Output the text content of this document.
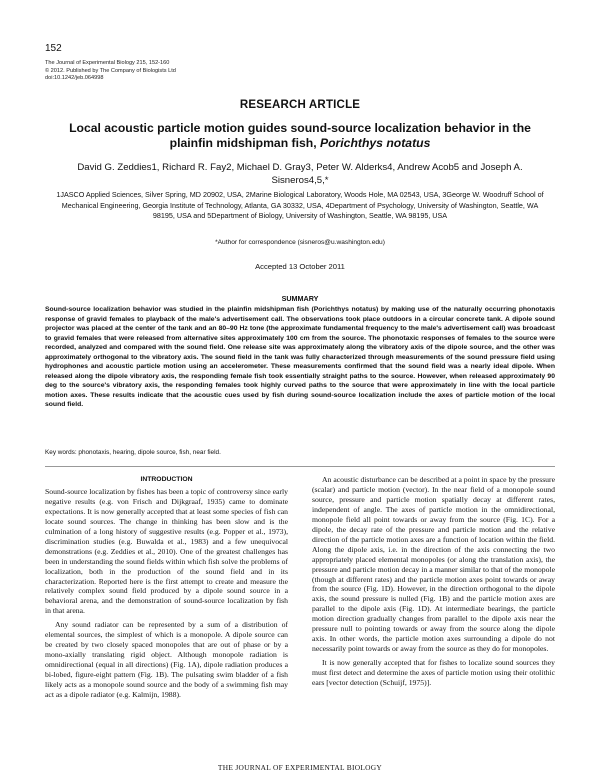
152
The Journal of Experimental Biology 215, 152-160
© 2012. Published by The Company of Biologists Ltd
doi:10.1242/jeb.064998
RESEARCH ARTICLE
Local acoustic particle motion guides sound-source localization behavior in the plainfin midshipman fish, Porichthys notatus
David G. Zeddies1, Richard R. Fay2, Michael D. Gray3, Peter W. Alderks4, Andrew Acob5 and Joseph A. Sisneros4,5,*
1JASCO Applied Sciences, Silver Spring, MD 20902, USA, 2Marine Biological Laboratory, Woods Hole, MA 02543, USA, 3George W. Woodruff School of Mechanical Engineering, Georgia Institute of Technology, Atlanta, GA 30332, USA, 4Department of Psychology, University of Washington, Seattle, WA 98195, USA and 5Department of Biology, University of Washington, Seattle, WA 98195, USA
*Author for correspondence (sisneros@u.washington.edu)
Accepted 13 October 2011
SUMMARY
Sound-source localization behavior was studied in the plainfin midshipman fish (Porichthys notatus) by making use of the naturally occurring phonotaxis response of gravid females to playback of the male's advertisement call. The observations took place outdoors in a circular concrete tank. A dipole sound projector was placed at the center of the tank and an 80–90 Hz tone (the approximate fundamental frequency to the male's advertisement call) was broadcast to gravid females that were released from alternative sites approximately 100 cm from the source. The phonotaxic responses of females to the source were recorded, analyzed and compared with the sound field. One release site was approximately along the vibratory axis of the dipole source, and the other was approximately orthogonal to the vibratory axis. The sound field in the tank was fully characterized through measurements of the sound pressure field using hydrophones and acoustic particle motion using an accelerometer. These measurements confirmed that the sound field was a nearly ideal dipole. When released along the dipole vibratory axis, the responding female fish took essentially straight paths to the source. However, when released approximately 90 deg to the source's vibratory axis, the responding females took highly curved paths to the source that were approximately in line with the local particle motion axes. These results indicate that the acoustic cues used by fish during sound-source localization include the axes of particle motion of the local sound field.
Key words: phonotaxis, hearing, dipole source, fish, near field.
INTRODUCTION

Sound-source localization by fishes has been a topic of controversy since early negative results (e.g. von Frisch and Dijkgraaf, 1935) came to dominate expectations. It is now generally accepted that at least some species of fish can locate sound sources. The change in thinking has been slow and is the culmination of a long history of suggestive results (e.g. Popper et al., 1973), discrimination studies (e.g. Buwalda et al., 1983) and a few unequivocal demonstrations (e.g. Zeddies et al., 2010). One of the greatest challenges has been in understanding the sound fields within which fish solve the problems of localization, both in the production of the sound field and in its characterization. Reported here is the first attempt to create and measure the relatively complex sound field produced by a dipole sound source in a behavioral arena, and the demonstration of sound-source localization by fish in that arena.

Any sound radiator can be represented by a sum of a distribution of elemental sources, the simplest of which is a monopole. A dipole source can be created by two closely spaced monopoles that are out of phase or by a mono-axially translating rigid object. Although monopole radiation is omnidirectional (equal in all directions) (Fig. 1A), dipole radiation produces a bi-lobed, figure-eight pattern (Fig. 1B). The pulsating swim bladder of a fish likely acts as a monopole sound source and the body of a swimming fish may act as a dipole radiator (e.g. Kalmijn, 1988).

An acoustic disturbance can be described at a point in space by the pressure (scalar) and particle motion (vector). In the near field of a monopole sound source, pressure and particle motion spatially decay at different rates, independent of angle. The axes of particle motion in the omnidirectional, monopole field all point towards or away from the source (Fig. 1C). For a dipole, the decay rate of the pressure and particle motion and the relative direction of the particle motion axes are a function of location within the field. Along the dipole axis, i.e. in the direction of the axis connecting the two appropriately placed elemental monopoles (or along the translation axis), the pressure and particle motion decay in a manner similar to that of the monopole (though at different rates) and the particle motion axes point towards or away from the source (Fig. 1D). However, in the direction orthogonal to the dipole axis, the sound pressure is nulled (Fig. 1B) and the particle motion axes are parallel to the dipole axis (Fig. 1D). At intermediate bearings, the particle motion direction gradually changes from parallel to the dipole axis near the pressure null to pointing towards or away from the source along the dipole axis. In other words, the particle motion axes surrounding a dipole do not necessarily point towards or away from the source as they do for monopoles.

It is now generally accepted that for fishes to localize sound sources they must first detect and determine the axes of particle motion using their otolithic ears [vector detection (Schuijf, 1975)].

THE JOURNAL OF EXPERIMENTAL BIOLOGY
